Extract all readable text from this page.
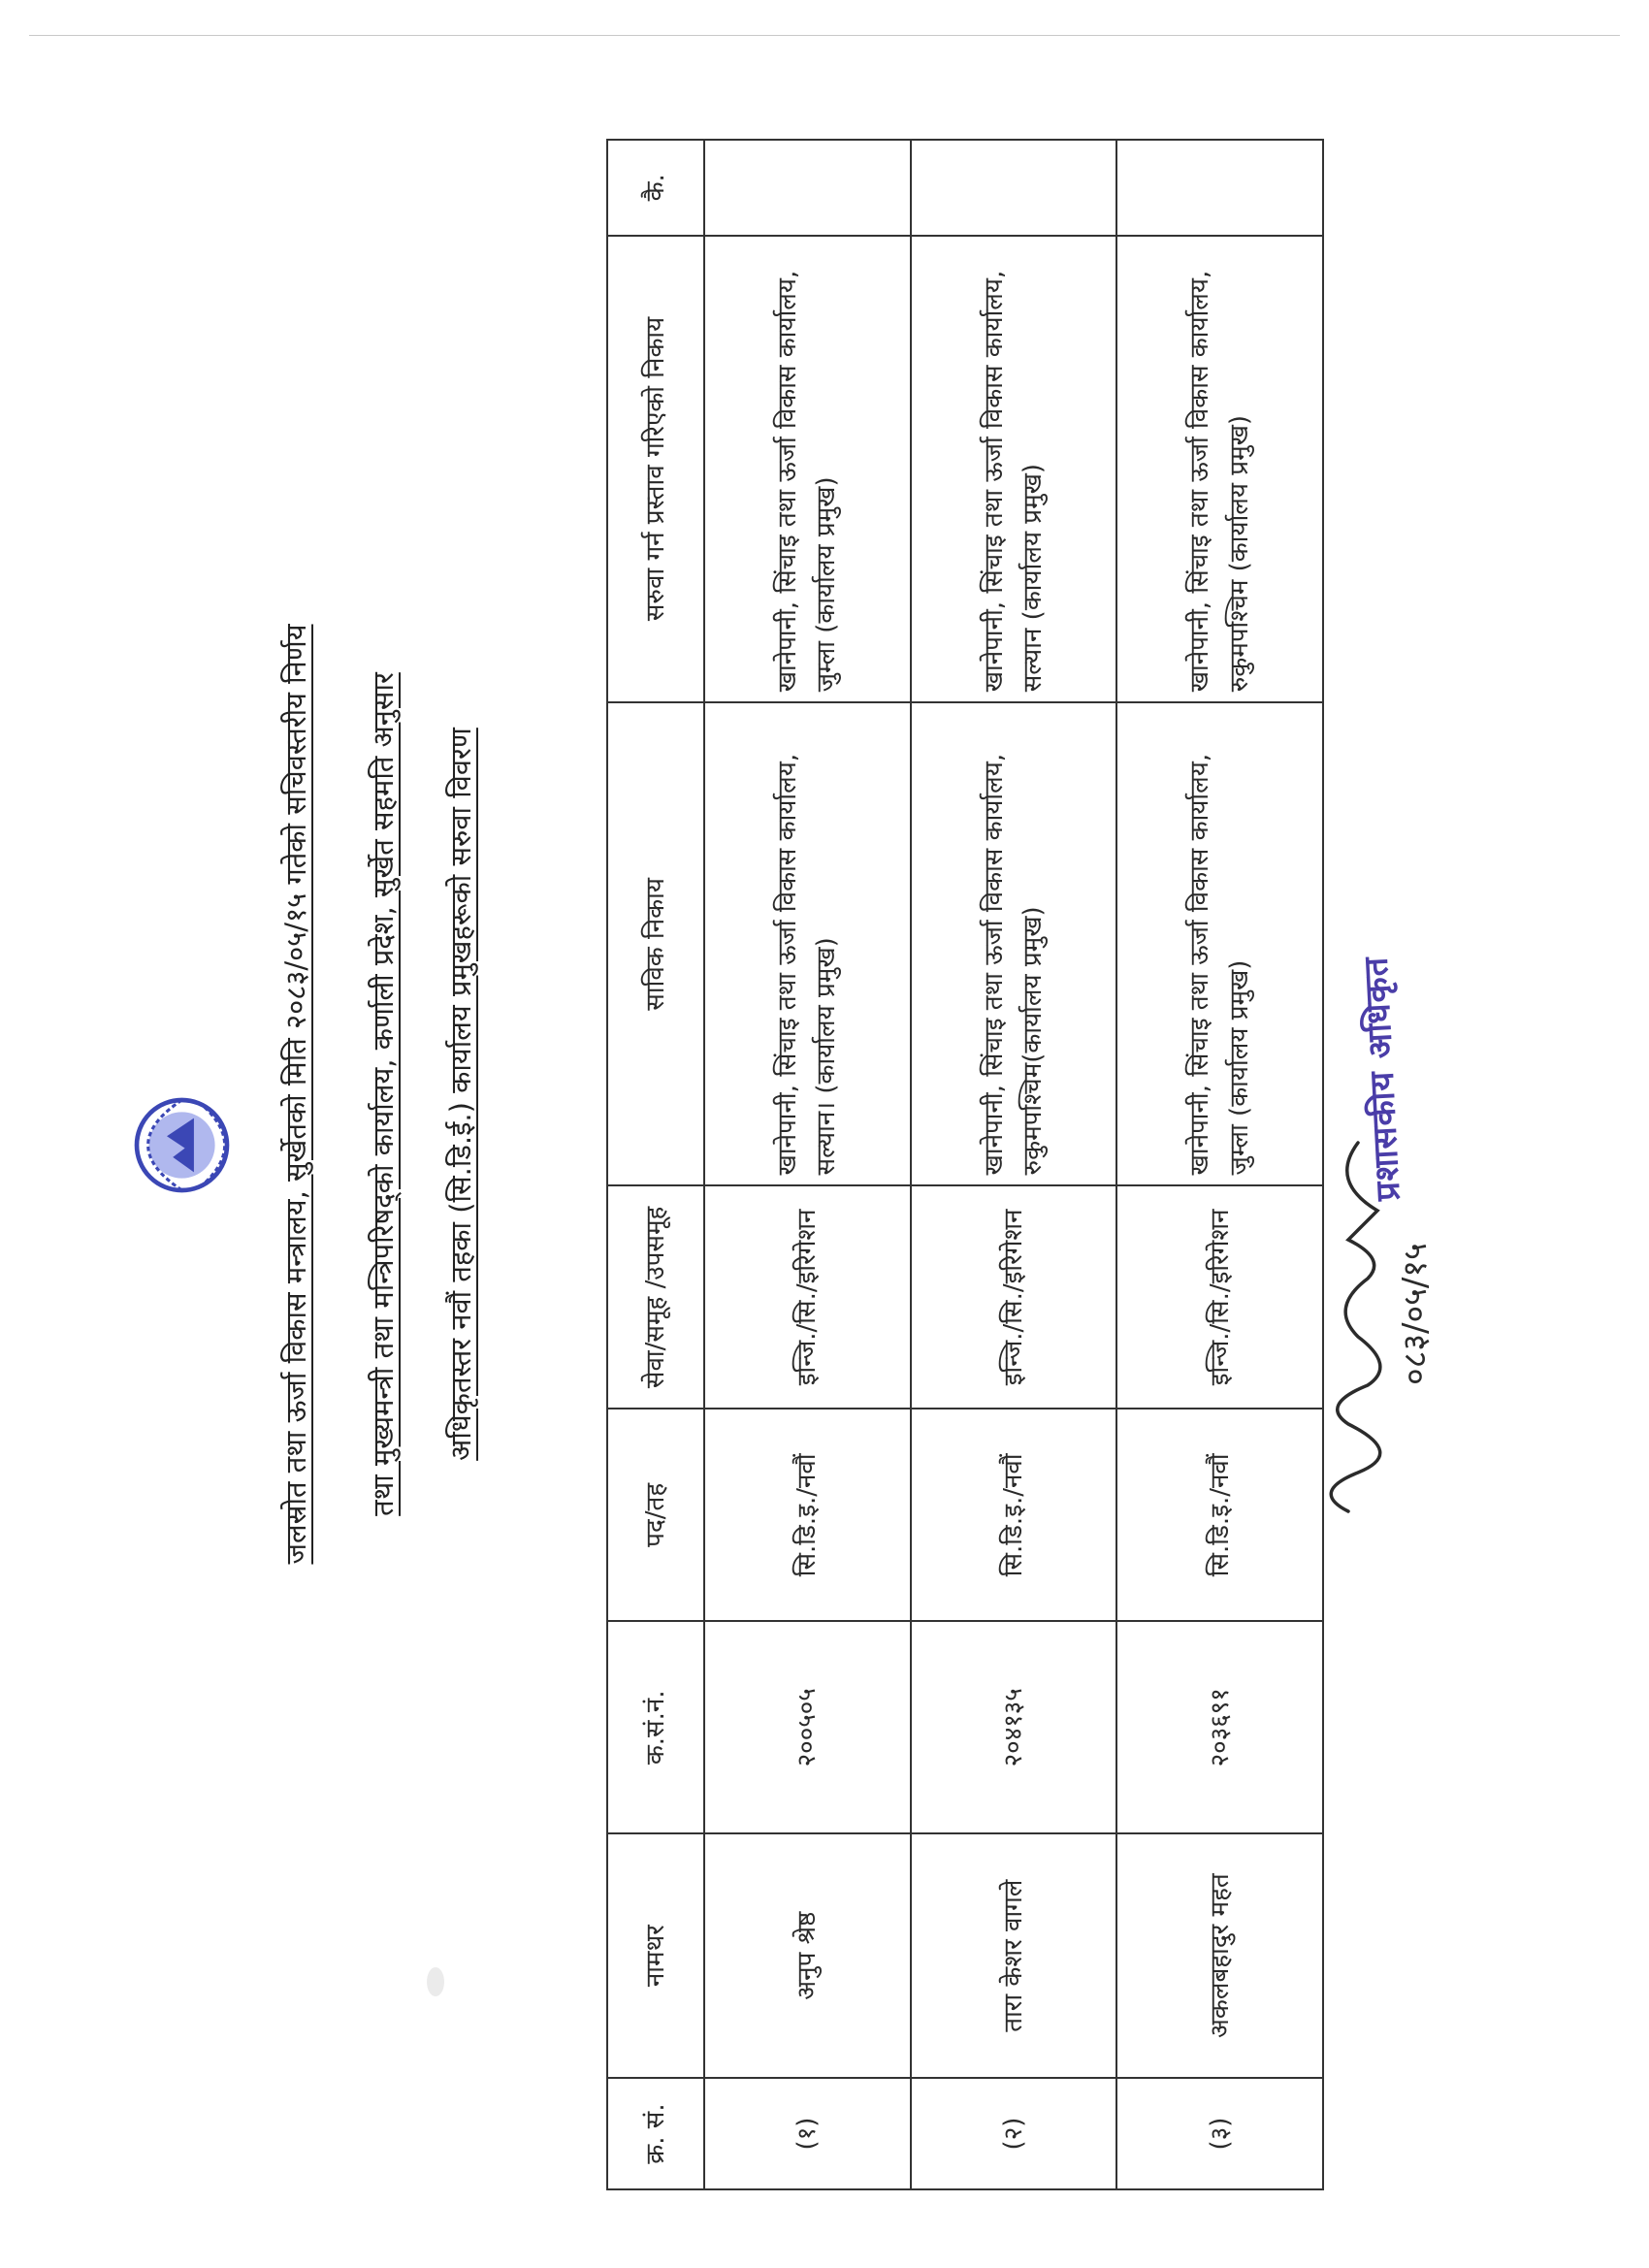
जलस्रोत तथा ऊर्जा विकास मन्त्रालय, सुर्खेतको मिति २०८३/०५/१५ गतेको सचिवस्तरीय निर्णय तथा मुख्यमन्त्री तथा मन्त्रिपरिषद्को कार्यालय, कर्णाली प्रदेश, सुर्खेत सहमति अनुसार अधिकृतस्तर नवौं तहका (सि.डि.ई.) कार्यालय प्रमुखहरूको सरुवा विवरण
क्र. सं.	नामथर	क.सं.नं.	पद/तह	सेवा/समूह /उपसमूह	साविक निकाय	सरुवा गर्न प्रस्ताव गरिएको निकाय	कै.
(१)	अनुप श्रेष्ठ	२००५०५	सि.डि.इ./नवौं	इन्जि./सि./इरिगेशन	खानेपानी, सिंचाइ तथा ऊर्जा विकास कार्यालय, सल्यान। (कार्यालय प्रमुख)	खानेपानी, सिंचाइ तथा ऊर्जा विकास कार्यालय, जुम्ला (कार्यालय प्रमुख)	
(२)	तारा केशर वागले	२०४१३५	सि.डि.इ./नवौं	इन्जि./सि./इरिगेशन	खानेपानी, सिंचाइ तथा ऊर्जा विकास कार्यालय, रुकुमपश्चिम(कार्यालय प्रमुख)	खानेपानी, सिंचाइ तथा ऊर्जा विकास कार्यालय, सल्यान (कार्यालय प्रमुख)	
(३)	अकलबहादुर महत	२०३६९१	सि.डि.इ./नवौं	इन्जि./सि./इरिगेशन	खानेपानी, सिंचाइ तथा ऊर्जा विकास कार्यालय, जुम्ला (कार्यालय प्रमुख)	खानेपानी, सिंचाइ तथा ऊर्जा विकास कार्यालय, रुकुमपश्चिम (कार्यालय प्रमुख)	
०८३/०५/१५
प्रशासकीय अधिकृत
